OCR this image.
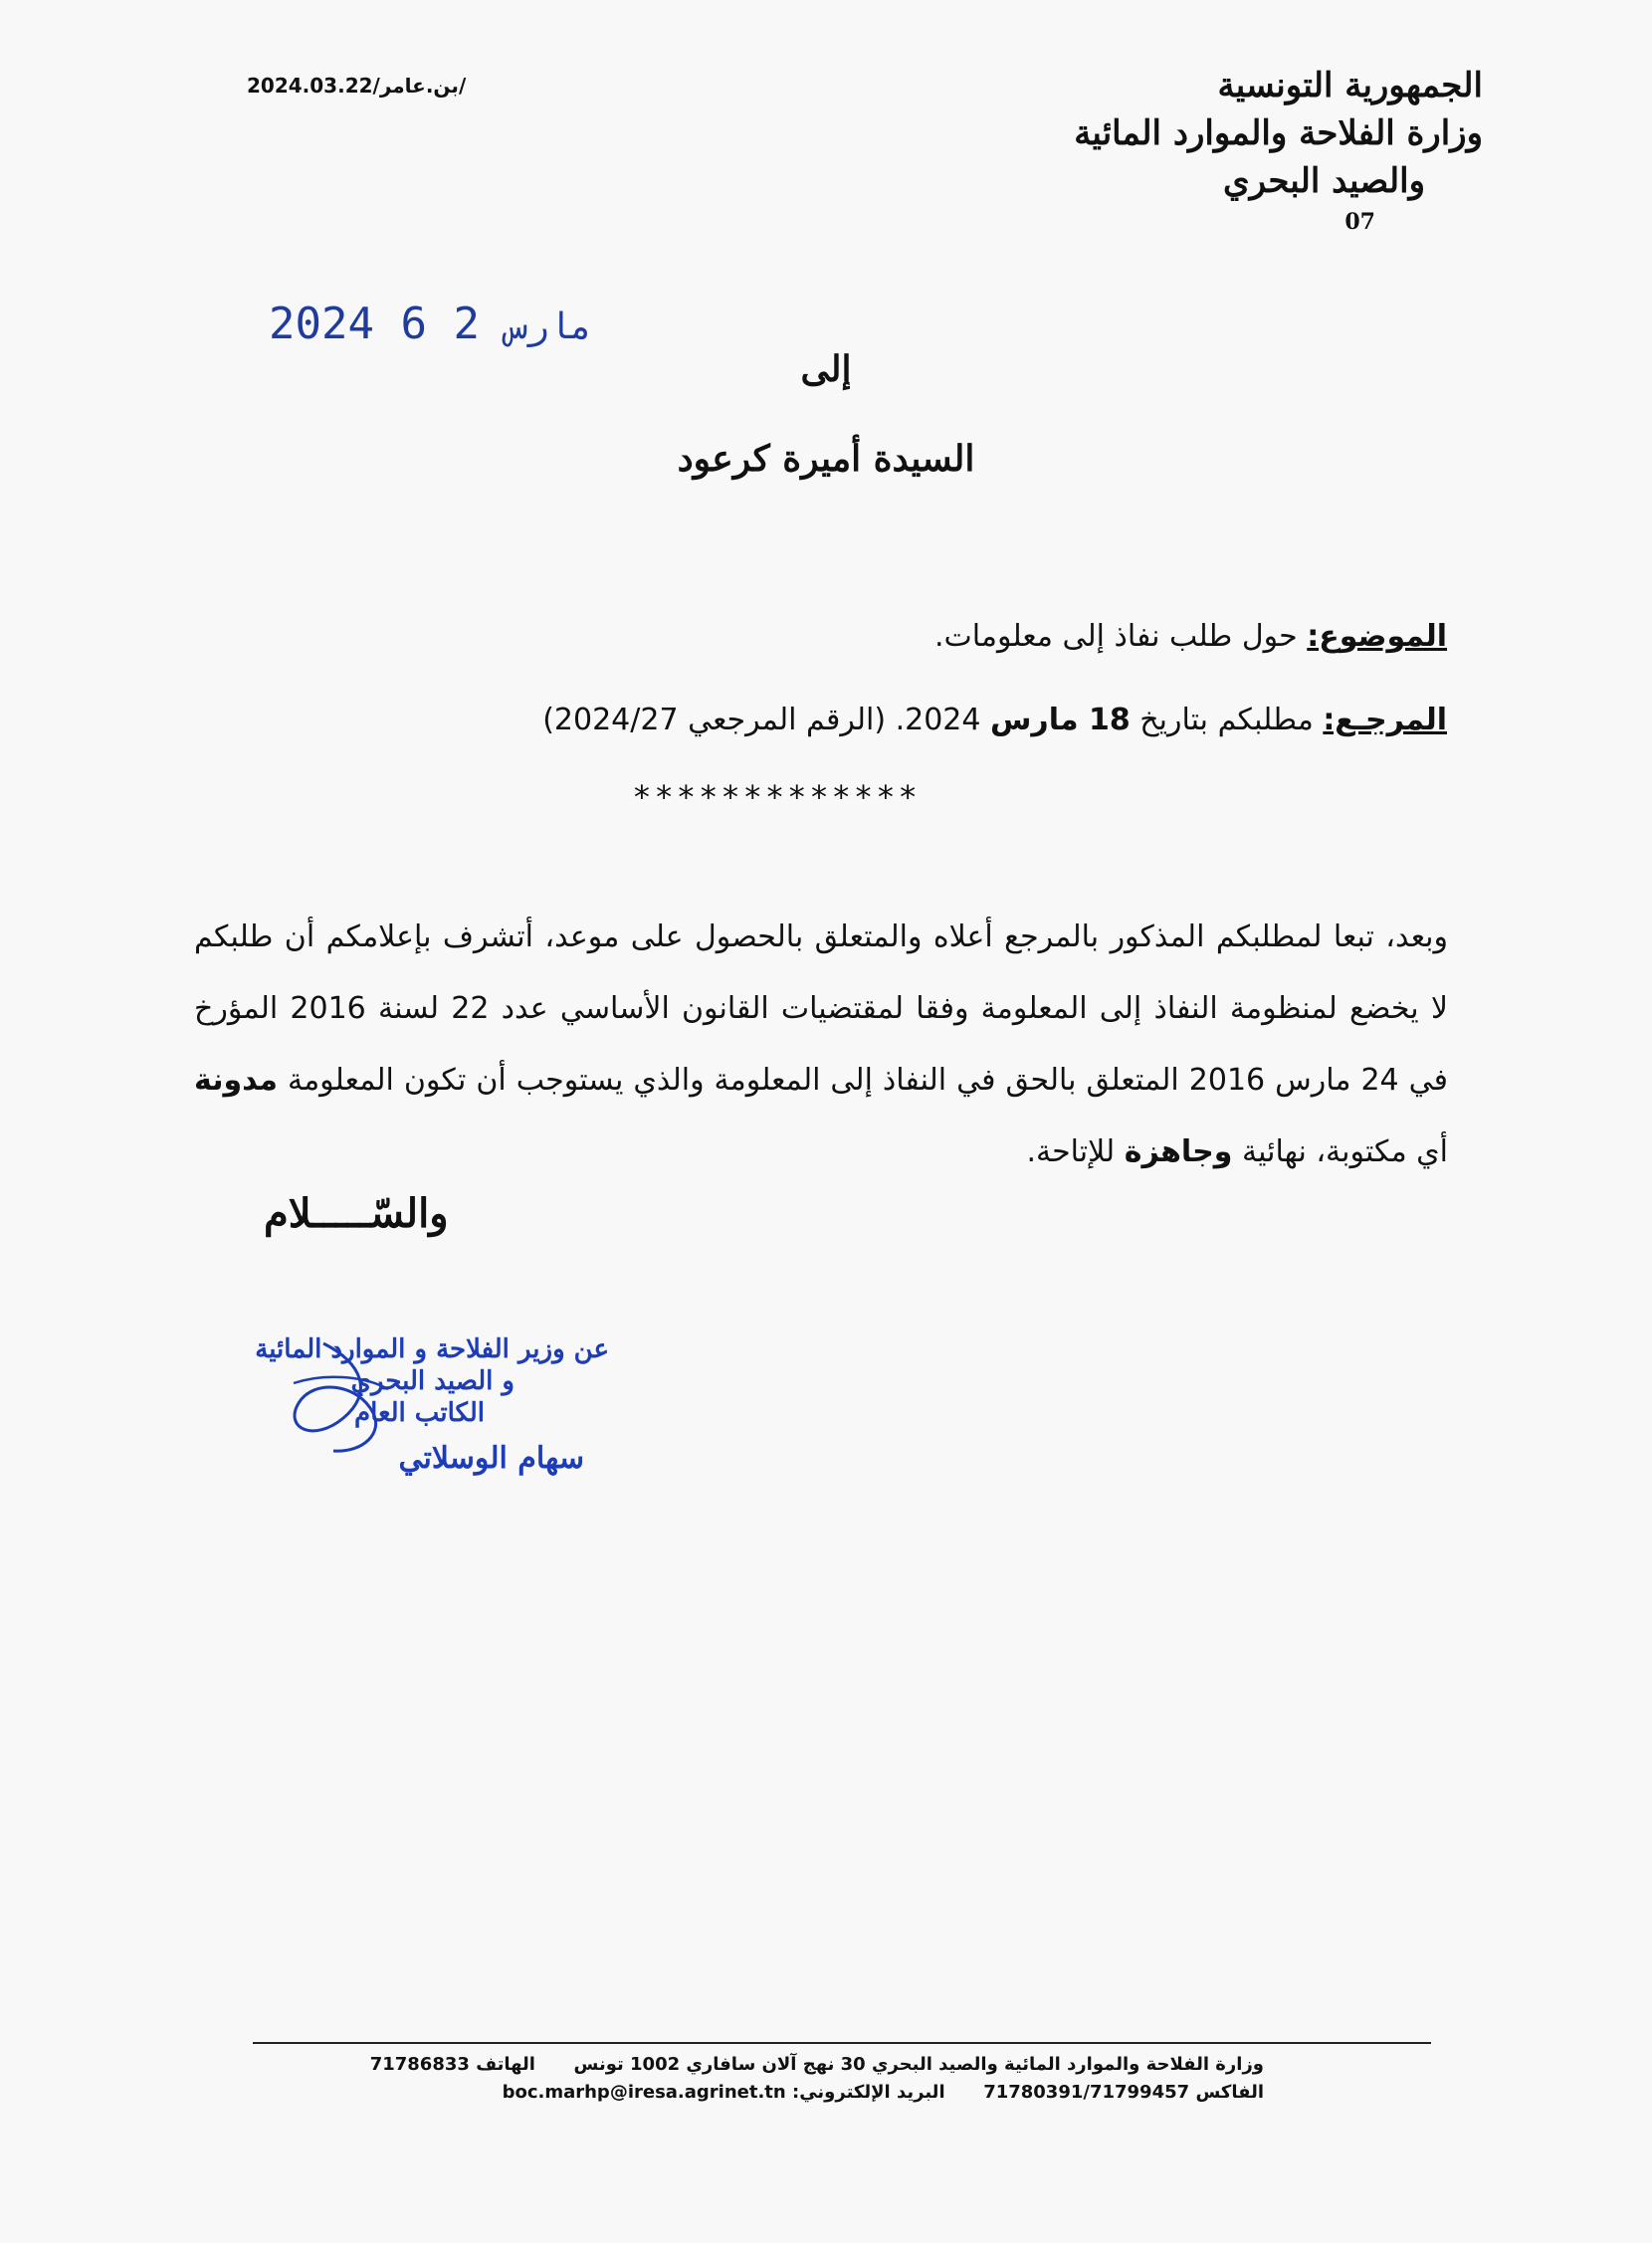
الجمهورية التونسية
وزارة الفلاحة والموارد المائية
والصيد البحري
07
2024.03.22/بن.عامر/
2024	مارس 2 6
إلى
السيدة أميرة كرعود
الموضوع: حول طلب نفاذ إلى معلومات.
المرجـع: مطلبكم بتاريخ 18 مارس 2024. (الرقم المرجعي 2024/27)
*************
وبعد، تبعا لمطلبكم المذكور بالمرجع أعلاه والمتعلق بالحصول على موعد، أتشرف بإعلامكم أن طلبكم لا يخضع لمنظومة النفاذ إلى المعلومة وفقا لمقتضيات القانون الأساسي عدد 22 لسنة 2016 المؤرخ في 24 مارس 2016 المتعلق بالحق في النفاذ إلى المعلومة والذي يستوجب أن تكون المعلومة مدونة أي مكتوبة، نهائية وجاهزة للإتاحة.
والسّـــــلام
عن وزير الفلاحة و الموارد المائية
و الصيد البحري
الكاتب العام
سهام الوسلاتي
وزارة الفلاحة والموارد المائية والصيد البحري 30 نهج آلان سافاري 1002 تونس  الهاتف 71786833
الفاكس 71780391/71799457  البريد الإلكتروني: boc.marhp@iresa.agrinet.tn
